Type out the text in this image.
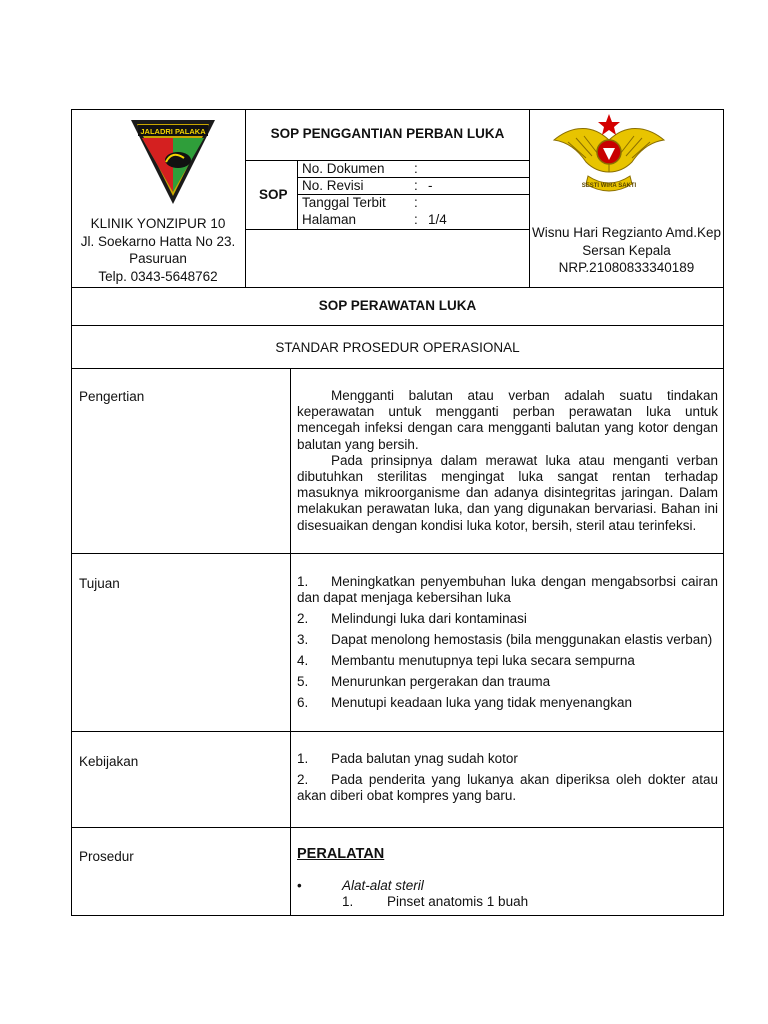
JALADRI PALAKA
SESTI WIRA SAKTI
SOP PENGGANTIAN PERBAN LUKA
SOP
No. Dokumen :
No. Revisi	: -
Tanggal Terbit :
Halaman	: 1/4
KLINIK YONZIPUR 10
Jl. Soekarno Hatta No 23.
Pasuruan
Telp. 0343-5648762
Wisnu Hari Regzianto Amd.Kep
Sersan Kepala
NRP.21080833340189
SOP PERAWATAN LUKA
STANDAR PROSEDUR OPERASIONAL
Pengertian	Mengganti balutan atau verban adalah suatu tindakan keperawatan untuk mengganti perban perawatan luka untuk mencegah infeksi dengan cara mengganti balutan yang kotor dengan balutan yang bersih.

Pada prinsipnya dalam merawat luka atau menganti verban dibutuhkan sterilitas mengingat luka sangat rentan terhadap masuknya mikroorganisme dan adanya disintegritas jaringan. Dalam melakukan perawatan luka, dan yang digunakan bervariasi. Bahan ini disesuaikan dengan kondisi luka kotor, bersih, steril atau terinfeksi.

Tujuan	1. Meningkatkan penyembuhan luka dengan mengabsorbsi cairan dan dapat menjaga kebersihan luka
2. Melindungi luka dari kontaminasi
3. Dapat menolong hemostasis (bila menggunakan elastis verban)
4. Membantu menutupnya tepi luka secara sempurna
5. Menurunkan pergerakan dan trauma
6. Menutupi keadaan luka yang tidak menyenangkan
Kebijakan	1. Pada balutan ynag sudah kotor
2. Pada penderita yang lukanya akan diperiksa oleh dokter atau akan diberi obat kompres yang baru.
Prosedur	PERALATAN
•	Alat-alat steril
1. Pinset anatomis 1 buah
